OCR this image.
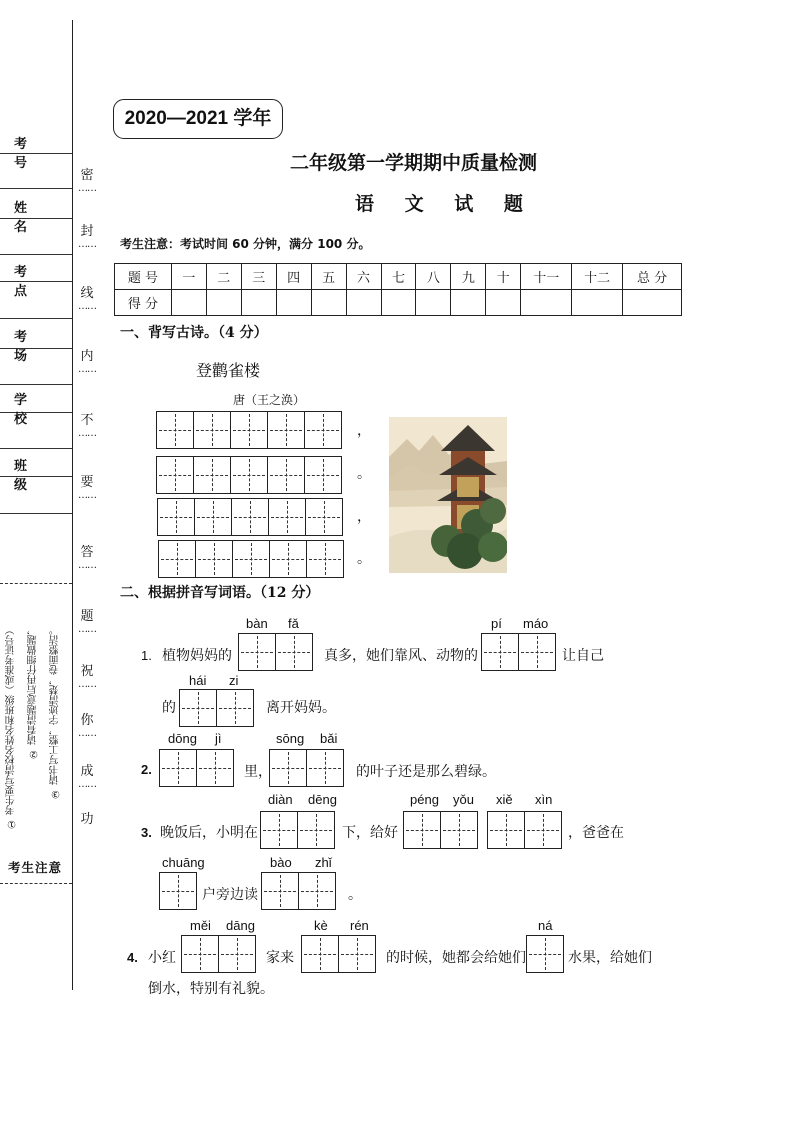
考号
姓名
考点
考场
学校
班级
密
……
封
……
线
……
内
……
不
……
要
……
答
……
题
……
祝
……
你
……
成
……
功
① 考生要写清校名姓名和班级（或准考证号） ② 请看清题意后再仔细做题， ③ 请书写工整，字迹清楚，卷面整洁。
考生注意
2020—2021 学年
二年级第一学期期中质量检测
语 文 试 题
考生注意：考试时间 60 分钟，满分 100 分。
题 号	一	二	三	四	五	六	七	八	九	十	十一	十二	总 分
得 分													
一、背写古诗。（4 分）
登鹳雀楼
唐（王之涣）
，
。
，
。
二、根据拼音写词语。（12 分）
1. 植物妈妈的
bàn fǎ
真多，她们靠风、动物的
pí máo
让自己
的
hái zi
离开妈妈。
2.
dōng jì
里，
sōng bǎi
的叶子还是那么碧绿。
3. 晚饭后，小明在
diàn dēng
下，给好
péng yǒu xiě xìn
，爸爸在
chuāng
户旁边读
bào zhǐ
。
4. 小红
měi dāng
家来
kè rén
的时候，她都会给她们
ná
水果，给她们
倒水，特别有礼貌。
